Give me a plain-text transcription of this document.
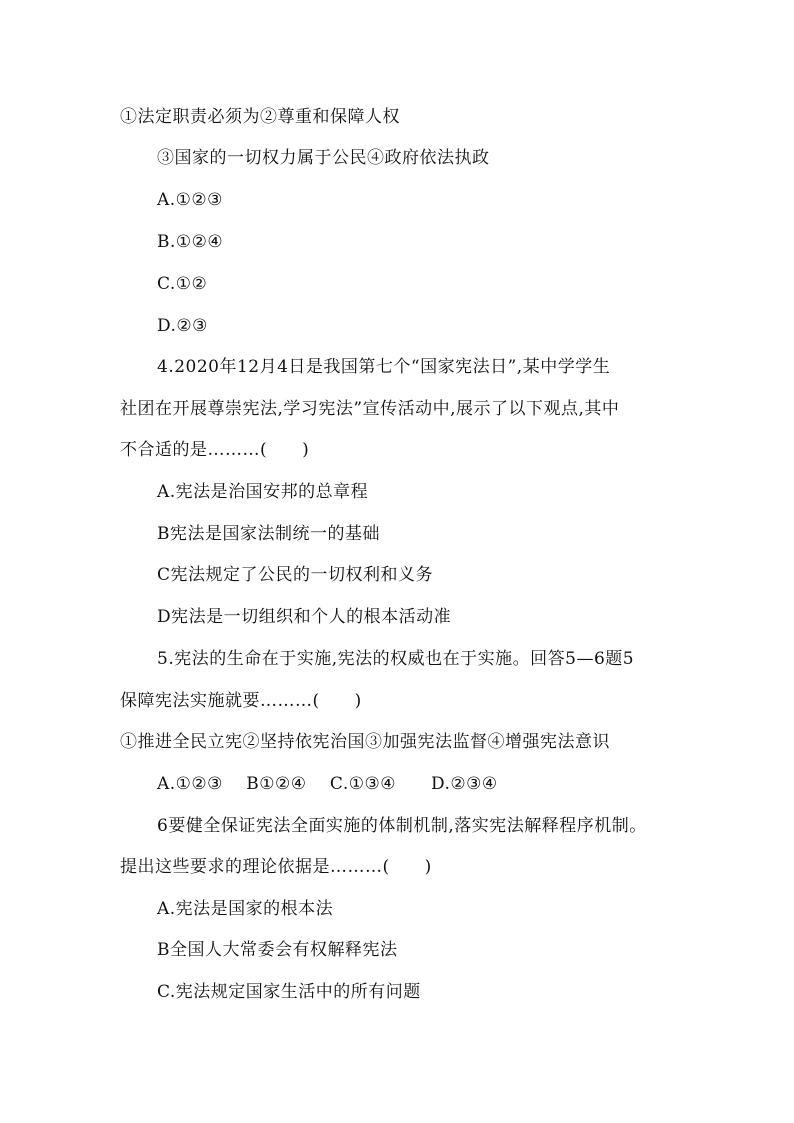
①法定职责必须为②尊重和保障人权
③国家的一切权力属于公民④政府依法执政
A.①②③
B.①②④
C.①②
D.②③
4.2020年12月4日是我国第七个“国家宪法日”,某中学学生
社团在开展尊崇宪法,学习宪法”宣传活动中,展示了以下观点,其中
不合适的是………(　　)
A.宪法是治国安邦的总章程
B宪法是国家法制统一的基础
C宪法规定了公民的一切权利和义务
D宪法是一切组织和个人的根本活动准
5.宪法的生命在于实施,宪法的权威也在于实施。回答5—6题5
保障宪法实施就要………(　　)
①推进全民立宪②坚持依宪治国③加强宪法监督④增强宪法意识
A.①②③　 B①②④　 C.①③④　　D.②③④
6要健全保证宪法全面实施的体制机制,落实宪法解释程序机制。
提出这些要求的理论依据是………(　　)
A.宪法是国家的根本法
B全国人大常委会有权解释宪法
C.宪法规定国家生活中的所有问题
